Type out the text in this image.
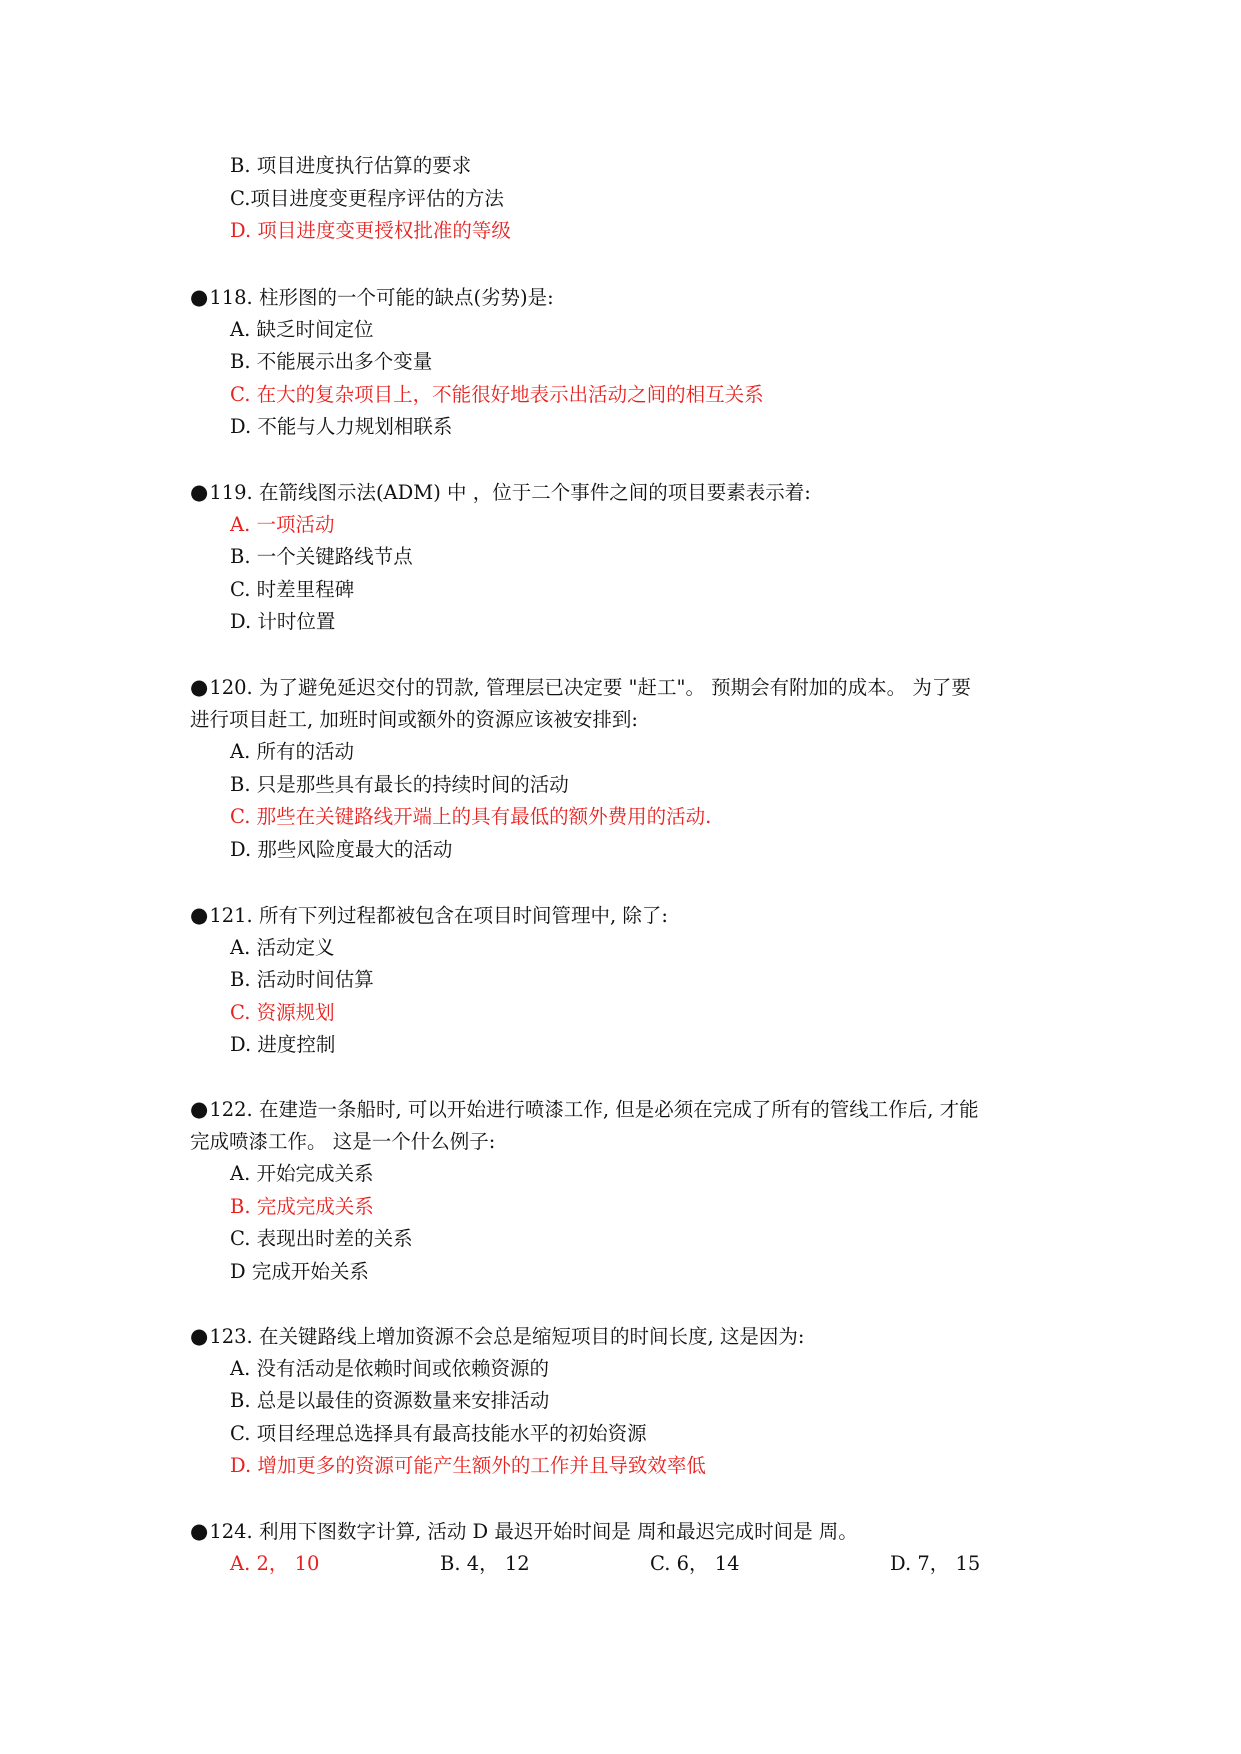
B. 项目进度执行估算的要求
C.项目进度变更程序评估的方法
D. 项目进度变更授权批准的等级
●118. 柱形图的一个可能的缺点(劣势)是:
A. 缺乏时间定位
B. 不能展示出多个变量
C. 在大的复杂项目上，不能很好地表示出活动之间的相互关系
D. 不能与人力规划相联系
●119. 在箭线图示法(ADM) 中 ，位于二个事件之间的项目要素表示着:
A. 一项活动
B. 一个关键路线节点
C. 时差里程碑
D. 计时位置
●120. 为了避免延迟交付的罚款, 管理层已决定要 "赶工"。 预期会有附加的成本。 为了要
进行项目赶工, 加班时间或额外的资源应该被安排到:
A. 所有的活动
B. 只是那些具有最长的持续时间的活动
C. 那些在关键路线开端上的具有最低的额外费用的活动.
D. 那些风险度最大的活动
●121. 所有下列过程都被包含在项目时间管理中, 除了:
A. 活动定义
B. 活动时间估算
C. 资源规划
D. 进度控制
●122. 在建造一条船时, 可以开始进行喷漆工作, 但是必须在完成了所有的管线工作后, 才能
完成喷漆工作。 这是一个什么例子:
A. 开始完成关系
B. 完成完成关系
C. 表现出时差的关系
D 完成开始关系
●123. 在关键路线上增加资源不会总是缩短项目的时间长度, 这是因为:
A. 没有活动是依赖时间或依赖资源的
B. 总是以最佳的资源数量来安排活动
C. 项目经理总选择具有最高技能水平的初始资源
D. 增加更多的资源可能产生额外的工作并且导致效率低
●124. 利用下图数字计算, 活动 D 最迟开始时间是 周和最迟完成时间是 周。
A. 2， 10	B. 4， 12	C. 6， 14	D. 7， 15
